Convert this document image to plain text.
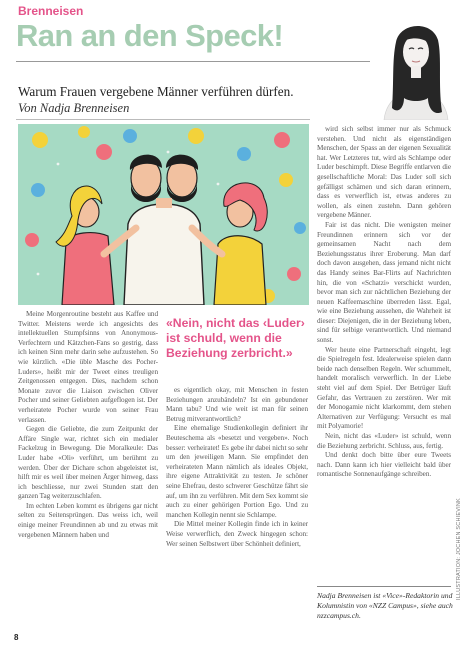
Brenneisen
Ran an den Speck!
Warum Frauen vergebene Männer verführen dürfen.
Von Nadja Brenneisen

Meine Morgenroutine besteht aus Kaffee und Twitter. Meistens werde ich angesichts des intellektuellen Stumpfsinns von Anonymous-Verfechtern und Kätzchen-Fans so gestrig, dass ich keinen Sinn mehr darin sehe aufzustehen. So wie kürzlich. «Die üble Masche des Pocher-Luders», heißt mir der Tweet eines treuligen Zeitgenossen entgegen. Dies, nachdem schon Monate zuvor die Liaison zwischen Oliver Pocher und seiner Geliebten aufgeflogen ist. Der verheiratete Pocher wurde von seiner Frau verlassen.

Gegen die Geliebte, die zum Zeitpunkt der Affäre Single war, richtet sich ein medialer Fackelzug in Bewegung. Die Moralkeule: Das Luder habe «Oli» verführt, um berühmt zu werden. Über der Dichare schon abgeleistet ist, hilft mir es weil über meinen Ärger hinweg, dass ich beschliesse, nur zwei Stunden statt den ganzen Tag weiterzuschlafen.

Im echten Leben kommt es übrigens gar nicht selten zu Seitensprüngen. Das weiss ich, weil einige meiner Freundinnen ab und zu etwas mit vergebenen Männern haben und

«Nein, nicht das ‹Luder› ist schuld, wenn die Beziehung zerbricht.»

es eigentlich okay, mit Menschen in festen Beziehungen anzubändeln? Ist ein gebundener Mann tabu? Und wie weit ist man für seinen Betrug mitverantwortlich?

Eine ehemalige Studienkollegin definiert ihr Beuteschema als «besetzt und vergeben». Noch besser: verheiratet! Es gebe ihr dabei nicht so sehr um den jeweiligen Mann. Sie empfindet den verheirateten Mann nämlich als ideales Objekt, ihre eigene Attraktivität zu testen. Je schöner seine Ehefrau, desto schwerer Geschütze fährt sie auf, um ihn zu verführen. Mit dem Sex kommt sie auch zu einer gehörigen Portion Ego. Und zu manchen Kollegin nennt sie Schlampe.

Die Mittel meiner Kollegin finde ich in keiner Weise verwerflich, den Zweck hingegen schon: Wer seinen Selbstwert über Schönheit definiert,

wird sich selbst immer nur als Schmuck verstehen. Und nicht als eigenständigen Menschen, der Spass an der eigenen Sexualität hat. Wer Letzteres tut, wird als Schlampe oder Luder beschimpft. Diese Begriffe entlarven die gesellschaftliche Moral: Das Luder soll sich gefälligst schämen und sich daran erinnern, dass es verwerflich ist, etwas anderes zu wollen, als einen zustehn. Dann gehören vergebene Männer.

Fair ist das nicht. Die wenigsten meiner Freundinnen erinnern sich vor der gemeinsamen Nacht nach dem Beziehungsstatus ihrer Eroberung. Man darf doch davon ausgehen, dass jemand nicht nicht das Handy seines Bar-Flirts auf Nachrichten hin, die von «Schatzi» verschickt wurden, bevor man sich zur nächtlichen Beziehung der neuen Kaffeemaschine überreden lässt. Egal, wie eine Beziehung aussehen, die Wahrheit ist dieser: Diejenigen, die in der Beziehung leben, sind für selbige verantwortlich. Und niemand sonst.

Wer heute eine Partnerschaft eingeht, legt die Spielregeln fest. Idealerweise spielen dann beide nach denselben Regeln. Wer schummelt, handelt moralisch verwerflich. In der Liebe steht viel auf dem Spiel. Der Betrüger läuft Gefahr, das Vertrauen zu zerstören. Wer mit der Monogamie nicht klarkommt, dem stehen Alternativen zur Verfügung: Versucht es mal mit Polyamorie!

Nein, nicht das «Luder» ist schuld, wenn die Beziehung zerbricht. Schluss, aus, fertig.

Und denkt doch bitte über eure Tweets nach. Dann kann ich hier vielleicht bald über romantische Sonnenaufgänge schreiben.

Nadja Brenneisen ist «Vice»-Redaktorin und Kolumnistin von «NZZ Campus», siehe auch nzzcampus.ch.
ILLUSTRATION: JOCHEN SCHIEVINK
8
